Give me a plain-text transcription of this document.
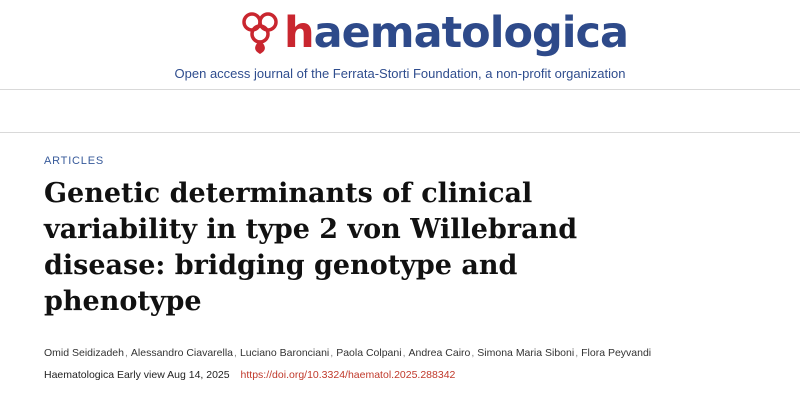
haematologica
Open access journal of the Ferrata-Storti Foundation, a non-profit organization
ARTICLES
Genetic determinants of clinical variability in type 2 von Willebrand disease: bridging genotype and phenotype
Omid Seidizadeh, Alessandro Ciavarella, Luciano Baronciani, Paola Colpani, Andrea Cairo, Simona Maria Siboni, Flora Peyvandi
Haematologica Early view Aug 14, 2025 https://doi.org/10.3324/haematol.2025.288342
